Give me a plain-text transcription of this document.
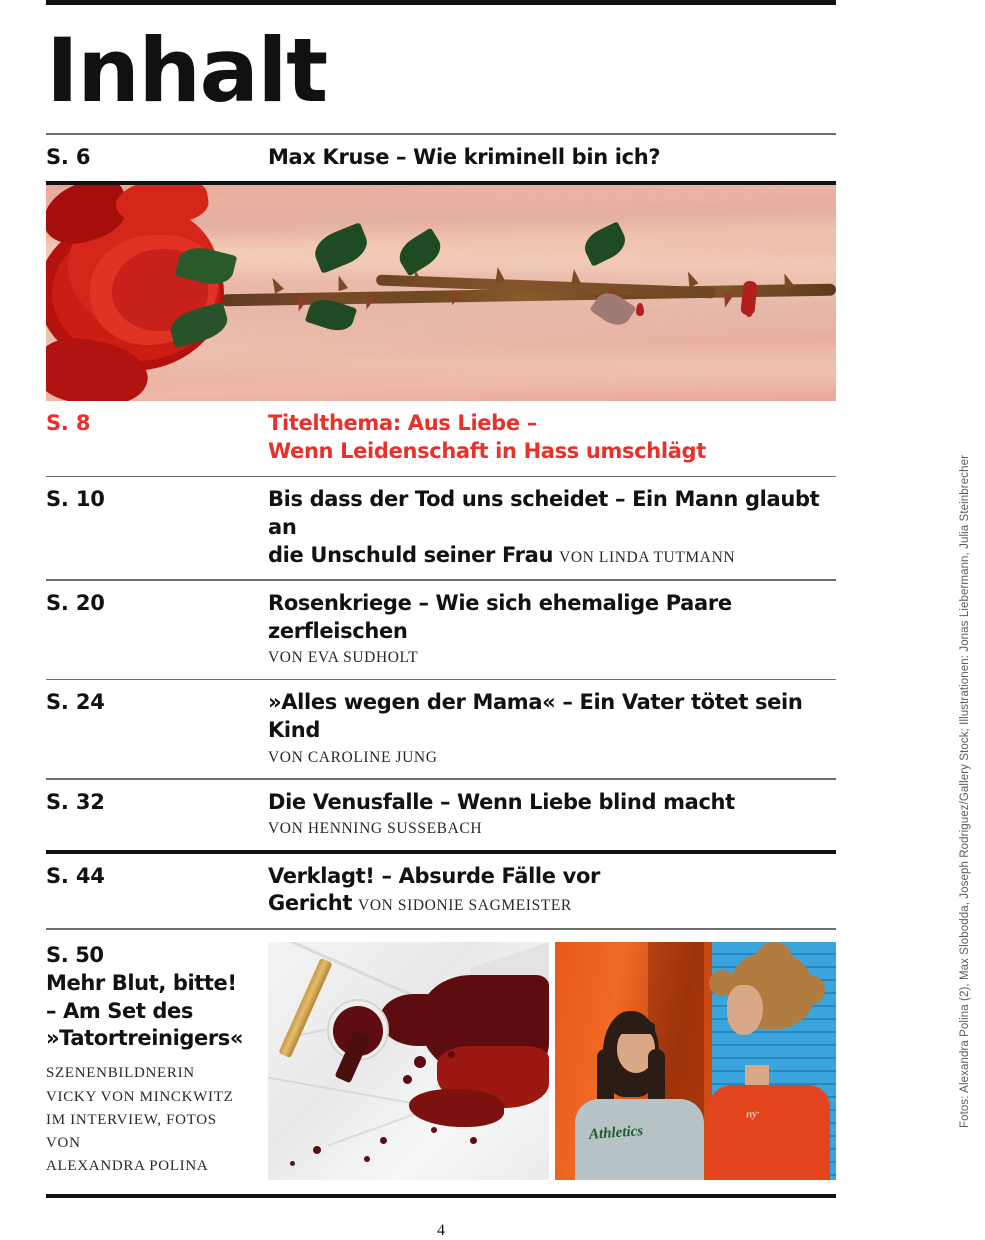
Inhalt
S. 6	Max Kruse – Wie kriminell bin ich?
S. 8	Titelthema: Aus Liebe –
Wenn Leidenschaft in Hass umschlägt
S. 10	Bis dass der Tod uns scheidet – Ein Mann glaubt an
die Unschuld seiner Frau VON LINDA TUTMANN
S. 20	Rosenkriege – Wie sich ehemalige Paare zerfleischen
VON EVA SUDHOLT
S. 24	»Alles wegen der Mama« – Ein Vater tötet sein Kind
VON CAROLINE JUNG
S. 32	Die Venusfalle – Wenn Liebe blind macht
VON HENNING SUSSEBACH
S. 44	Verklagt! – Absurde Fälle vor Gericht VON SIDONIE SAGMEISTER
S. 50
Mehr Blut, bitte!
– Am Set des
»Tatortreinigers«
SZENENBILDNERIN
VICKY VON MINCKWITZ
IM INTERVIEW, FOTOS VON
ALEXANDRA POLINA
Athletics
ny·
4
Fotos: Alexandra Polina (2), Max Slobodda, Joseph Rodriguez/Gallery Stock; Illustrationen: Jonas Liebermann, Julia Steinbrecher
